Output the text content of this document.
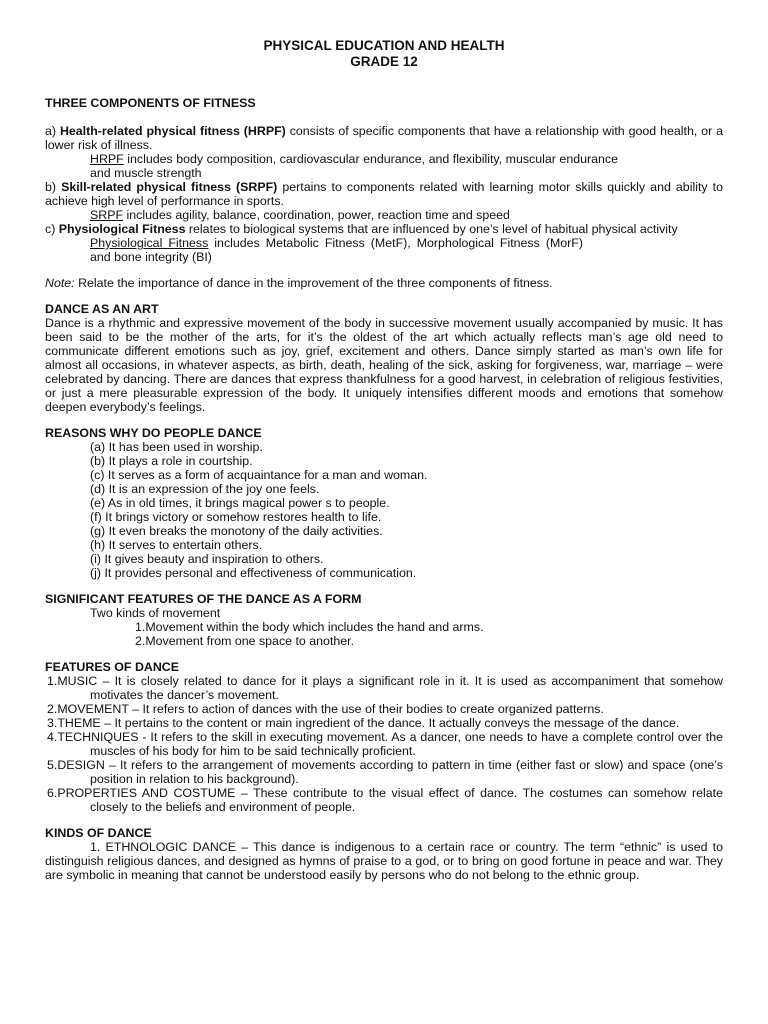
PHYSICAL EDUCATION AND HEALTH

GRADE 12

THREE COMPONENTS OF FITNESS

a) Health-related physical fitness (HRPF) consists of specific components that have a relationship with good health, or a lower risk of illness.

HRPF includes body composition, cardiovascular endurance, and flexibility, muscular endurance and muscle strength

b) Skill-related physical fitness (SRPF) pertains to components related with learning motor skills quickly and ability to achieve high level of performance in sports.

SRPF includes agility, balance, coordination, power, reaction time and speed

c) Physiological Fitness relates to biological systems that are influenced by one’s level of habitual physical activity

Physiological Fitness includes Metabolic Fitness (MetF), Morphological Fitness (MorF) and bone integrity (BI)

Note: Relate the importance of dance in the improvement of the three components of fitness.

DANCE AS AN ART

Dance is a rhythmic and expressive movement of the body in successive movement usually accompanied by music. It has been said to be the mother of the arts, for it’s the oldest of the art which actually reflects man’s age old need to communicate different emotions such as joy, grief, excitement and others. Dance simply started as man’s own life for almost all occasions, in whatever aspects, as birth, death, healing of the sick, asking for forgiveness, war, marriage – were celebrated by dancing. There are dances that express thankfulness for a good harvest, in celebration of religious festivities, or just a mere pleasurable expression of the body. It uniquely intensifies different moods and emotions that somehow deepen everybody’s feelings.

REASONS WHY DO PEOPLE DANCE
(a) It has been used in worship.
(b) It plays a role in courtship.
(c) It serves as a form of acquaintance for a man and woman.
(d) It is an expression of the joy one feels.
(e) As in old times, it brings magical power s to people.
(f) It brings victory or somehow restores health to life.
(g) It even breaks the monotony of the daily activities.
(h) It serves to entertain others.
(i) It gives beauty and inspiration to others.
(j) It provides personal and effectiveness of communication.
SIGNIFICANT FEATURES OF THE DANCE AS A FORM

Two kinds of movement

1.Movement within the body which includes the hand and arms.

2.Movement from one space to another.

FEATURES OF DANCE
1.MUSIC – It is closely related to dance for it plays a significant role in it. It is used as accompaniment that somehow motivates the dancer’s movement.
2.MOVEMENT – It refers to action of dances with the use of their bodies to create organized patterns.
3.THEME – It pertains to the content or main ingredient of the dance. It actually conveys the message of the dance.
4.TECHNIQUES - It refers to the skill in executing movement. As a dancer, one needs to have a complete control over the muscles of his body for him to be said technically proficient.
5.DESIGN – It refers to the arrangement of movements according to pattern in time (either fast or slow) and space (one’s position in relation to his background).
6.PROPERTIES AND COSTUME – These contribute to the visual effect of dance. The costumes can somehow relate closely to the beliefs and environment of people.
KINDS OF DANCE

1. ETHNOLOGIC DANCE – This dance is indigenous to a certain race or country. The term “ethnic” is used to distinguish religious dances, and designed as hymns of praise to a god, or to bring on good fortune in peace and war. They are symbolic in meaning that cannot be understood easily by persons who do not belong to the ethnic group.
